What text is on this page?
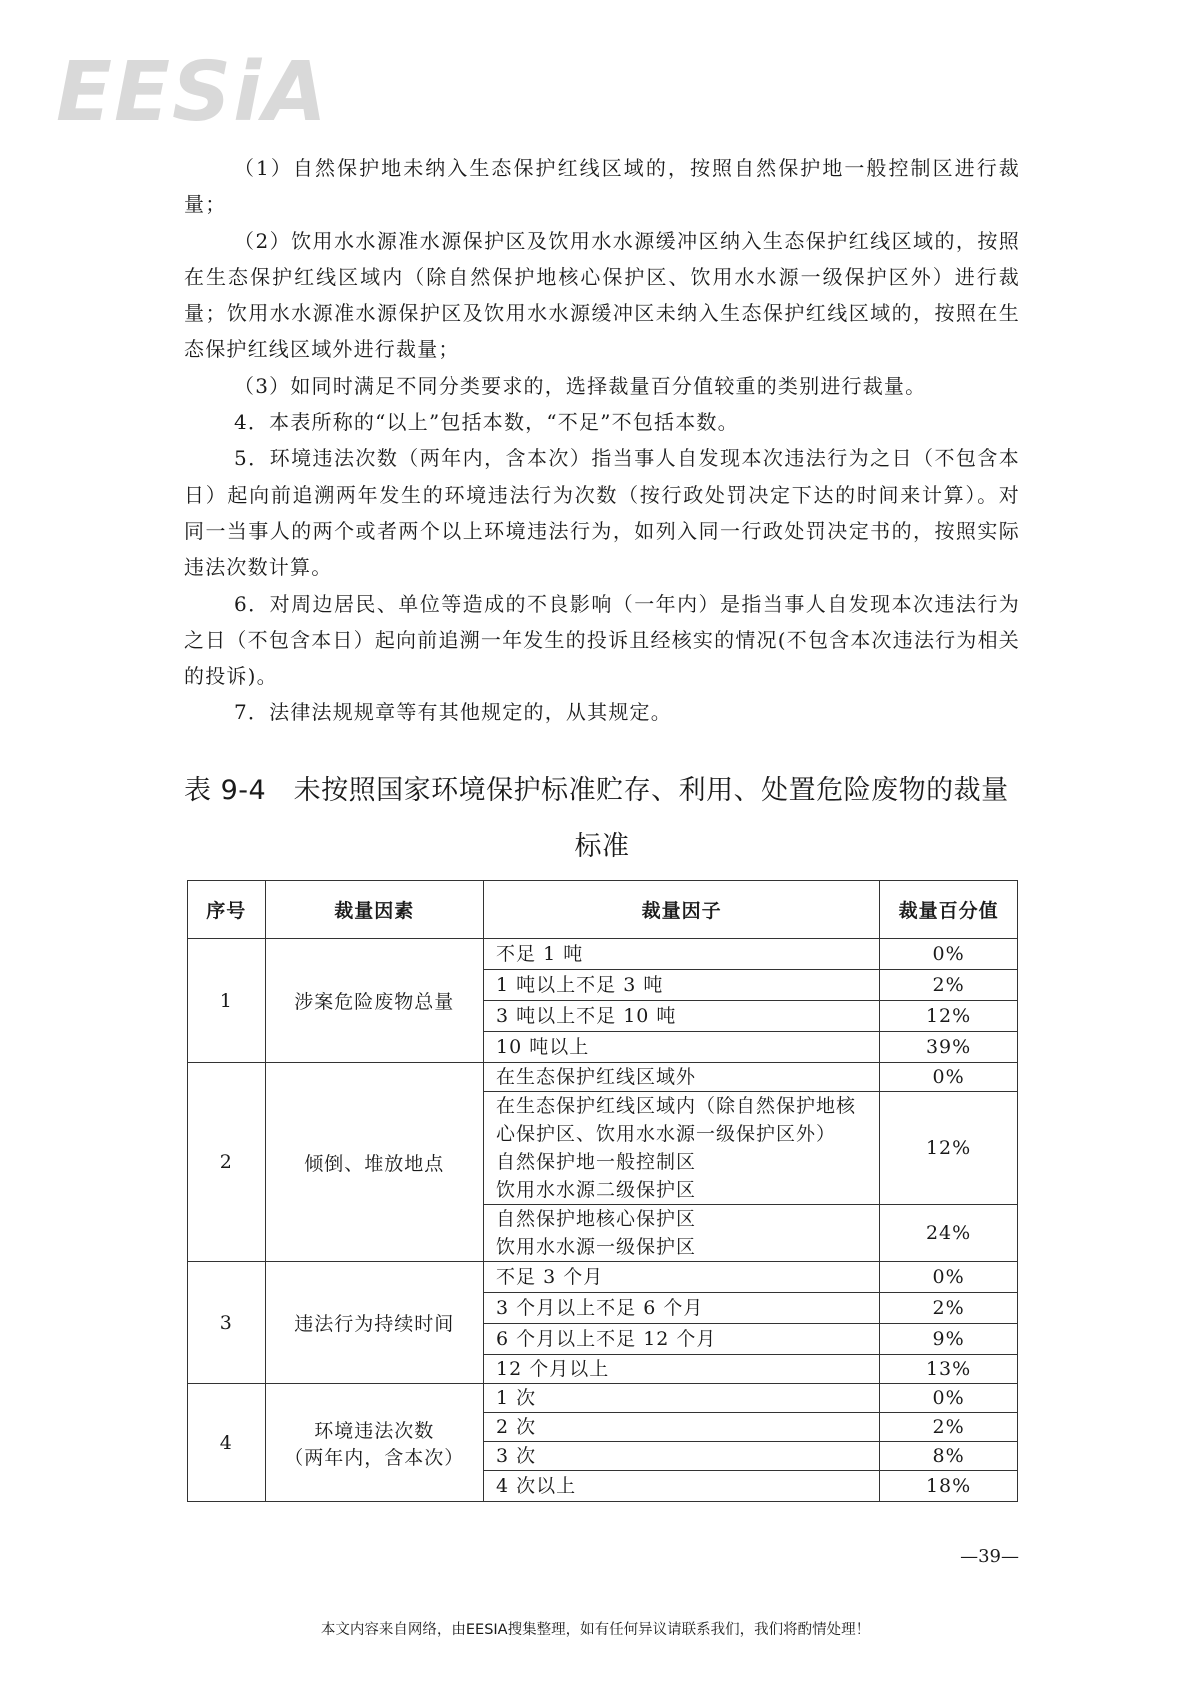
EESiA

（1）自然保护地未纳入生态保护红线区域的，按照自然保护地一般控制区进行裁量；

（2）饮用水水源准水源保护区及饮用水水源缓冲区纳入生态保护红线区域的，按照在生态保护红线区域内（除自然保护地核心保护区、饮用水水源一级保护区外）进行裁量；饮用水水源准水源保护区及饮用水水源缓冲区未纳入生态保护红线区域的，按照在生态保护红线区域外进行裁量；

（3）如同时满足不同分类要求的，选择裁量百分值较重的类别进行裁量。

4．本表所称的“以上”包括本数，“不足”不包括本数。

5．环境违法次数（两年内，含本次）指当事人自发现本次违法行为之日（不包含本日）起向前追溯两年发生的环境违法行为次数（按行政处罚决定下达的时间来计算）。对同一当事人的两个或者两个以上环境违法行为，如列入同一行政处罚决定书的，按照实际违法次数计算。

6．对周边居民、单位等造成的不良影响（一年内）是指当事人自发现本次违法行为之日（不包含本日）起向前追溯一年发生的投诉且经核实的情况(不包含本次违法行为相关的投诉)。

7．法律法规规章等有其他规定的，从其规定。

表 9-4　未按照国家环境保护标准贮存、利用、处置危险废物的裁量
标准
序号	裁量因素	裁量因子	裁量百分值
1	涉案危险废物总量	不足 1 吨	0%

		1 吨以上不足 3 吨	2%

		3 吨以上不足 10 吨	12%

		10 吨以上	39%
2	倾倒、堆放地点	在生态保护红线区域外	0%

		在生态保护红线区域内（除自然保护地核
心保护区、饮用水水源一级保护区外）
自然保护地一般控制区
饮用水水源二级保护区	12%

		自然保护地核心保护区
饮用水水源一级保护区	24%
3	违法行为持续时间	不足 3 个月	0%

		3 个月以上不足 6 个月	2%

		6 个月以上不足 12 个月	9%

		12 个月以上	13%
4	环境违法次数
（两年内，含本次）	1 次	0%

		2 次	2%

		3 次	8%

		4 次以上	18%
—39—
本文内容来自网络，由EESIA搜集整理，如有任何异议请联系我们，我们将酌情处理！
